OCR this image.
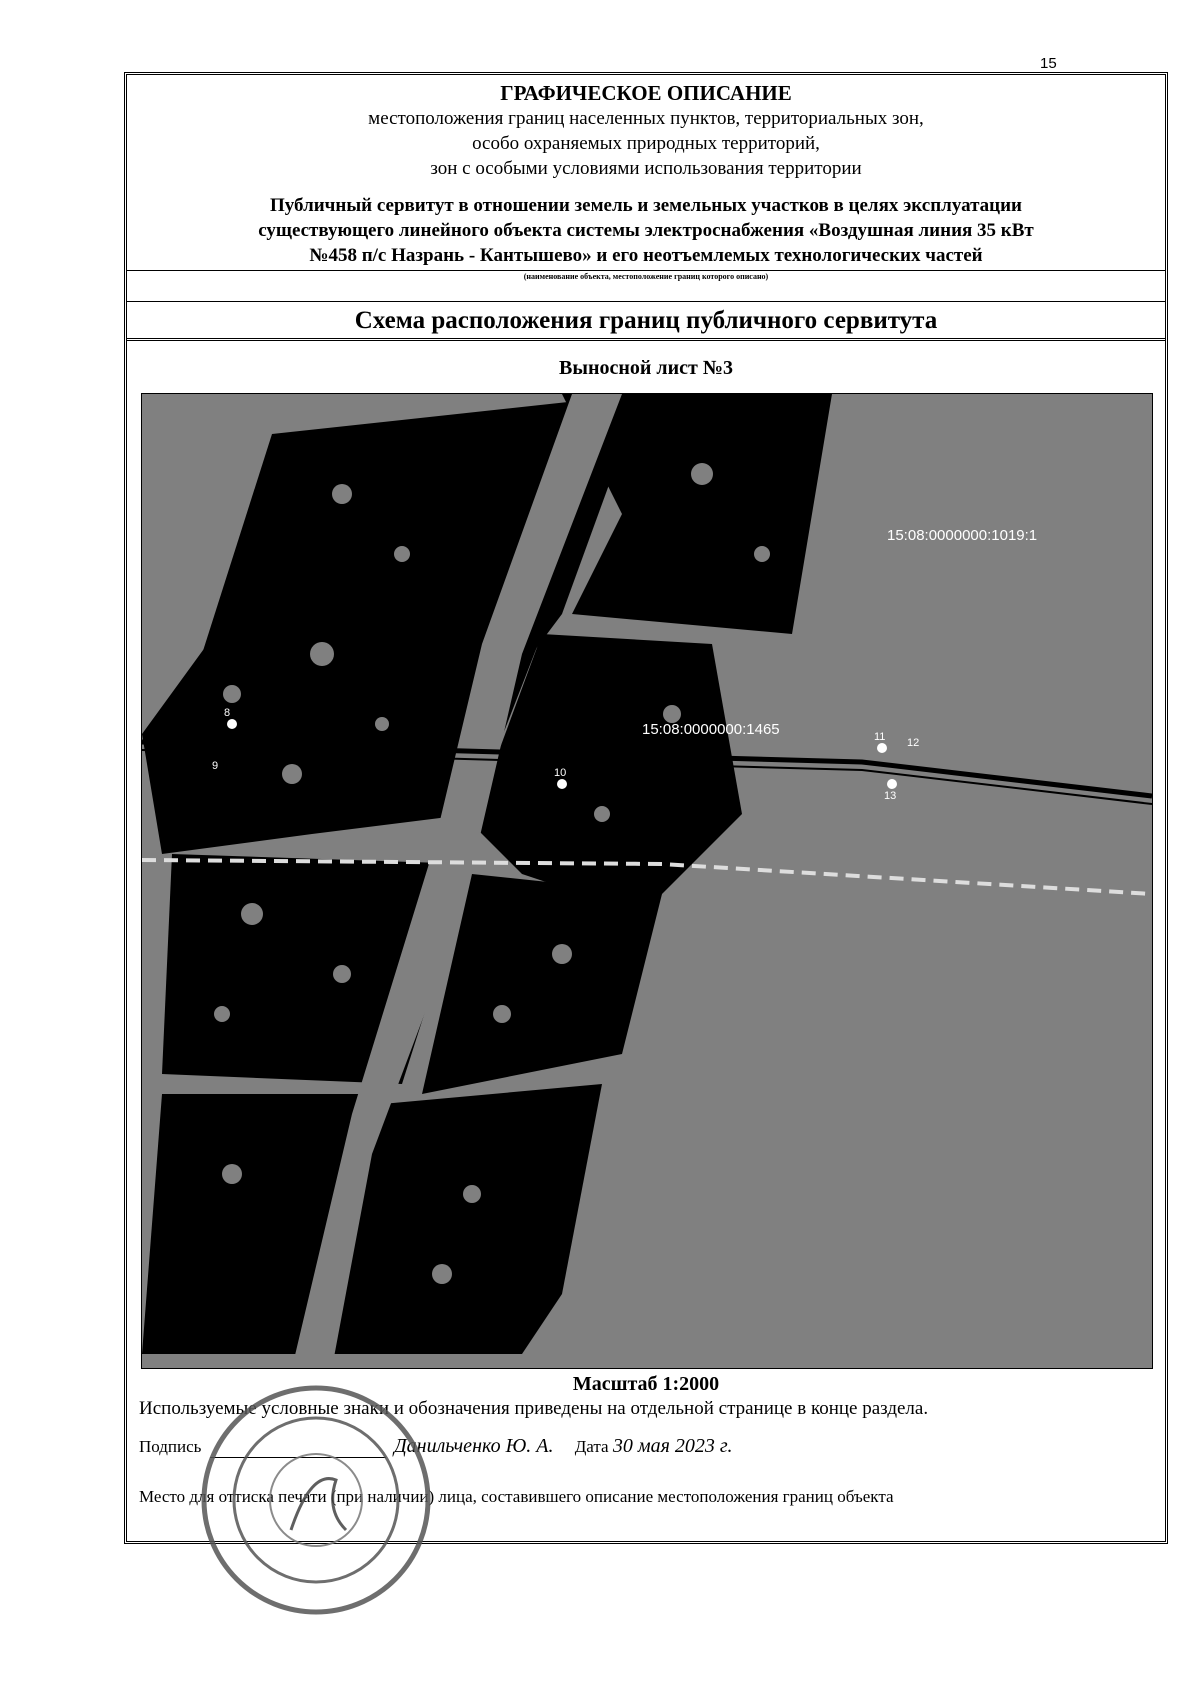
15
ГРАФИЧЕСКОЕ ОПИСАНИЕ
местоположения границ населенных пунктов, территориальных зон,
особо охраняемых природных территорий,
зон с особыми условиями использования территории
Публичный сервитут в отношении земель и земельных участков в целях эксплуатации
существующего линейного объекта системы электроснабжения «Воздушная линия 35 кВт
№458 п/с Назрань - Кантышево» и его неотъемлемых технологических частей
(наименование объекта, местоположение границ которого описано)
Схема расположения границ публичного сервитута
Выносной лист №3
15:08:0000000:1019:1
15:08:0000000:1465
8
9
10
11 12
13
Масштаб 1:2000
Используемые условные знаки и обозначения приведены на отдельной странице в конце раздела.
Подпись	Данильченко Ю. А. Дата 30 мая 2023 г.
Место для оттиска печати (при наличии) лица, составившего описание местоположения границ объекта
